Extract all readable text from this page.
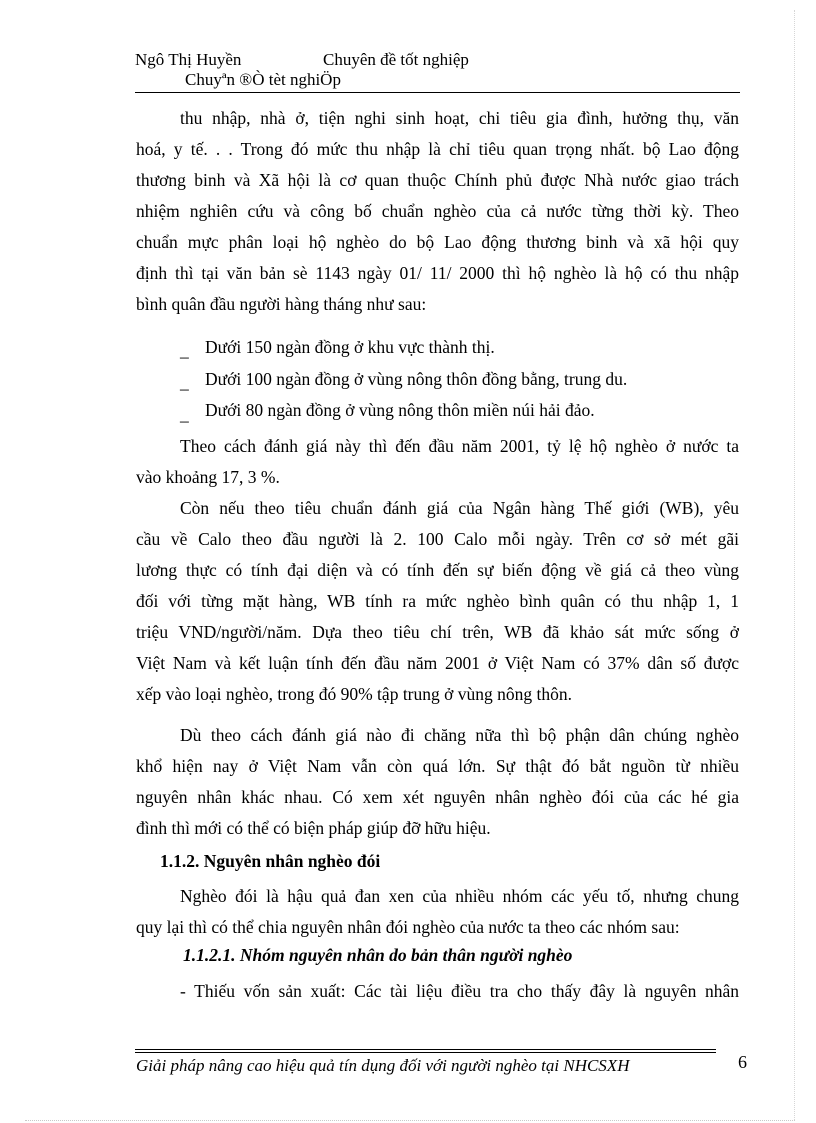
Ngô Thị Huyền	Chuyên đề tốt nghiệp
Chuyªn ®Ò tèt nghiÖp
thu nhập, nhà ở, tiện nghi sinh hoạt, chi tiêu gia đình, hưởng thụ, văn
hoá, y tế. . . Trong đó mức thu nhập là chỉ tiêu quan trọng nhất. bộ Lao động
thương binh và Xã hội là cơ quan thuộc Chính phủ được Nhà nước giao trách
nhiệm nghiên cứu và công bố chuẩn nghèo của cả nước từng thời kỳ. Theo
chuẩn mực phân loại hộ nghèo do bộ Lao động thương binh và xã hội quy
định thì tại văn bản sè 1143 ngày 01/ 11/ 2000 thì hộ nghèo là hộ có thu nhập
bình quân đầu người hàng tháng như sau:
_ Dưới 150 ngàn đồng ở khu vực thành thị.
_ Dưới 100 ngàn đồng ở vùng nông thôn đồng bằng, trung du.
_ Dưới 80 ngàn đồng ở vùng nông thôn miền núi hải đảo.
Theo cách đánh giá này thì đến đầu năm 2001, tỷ lệ hộ nghèo ở nước ta
vào khoảng 17, 3 %.
Còn nếu theo tiêu chuẩn đánh giá của Ngân hàng Thế giới (WB), yêu
cầu về Calo theo đầu người là 2. 100 Calo mỗi ngày. Trên cơ sở mét gãi
lương thực có tính đại diện và có tính đến sự biến động về giá cả theo vùng
đối với từng mặt hàng, WB tính ra mức nghèo bình quân có thu nhập 1, 1
triệu VND/người/năm. Dựa theo tiêu chí trên, WB đã khảo sát mức sống ở
Việt Nam và kết luận tính đến đầu năm 2001 ở Việt Nam có 37% dân số được
xếp vào loại nghèo, trong đó 90% tập trung ở vùng nông thôn.
Dù theo cách đánh giá nào đi chăng nữa thì bộ phận dân chúng nghèo
khổ hiện nay ở Việt Nam vẫn còn quá lớn. Sự thật đó bắt nguồn từ nhiều
nguyên nhân khác nhau. Có xem xét nguyên nhân nghèo đói của các hé gia
đình thì mới có thể có biện pháp giúp đỡ hữu hiệu.
1.1.2. Nguyên nhân nghèo đói
Nghèo đói là hậu quả đan xen của nhiều nhóm các yếu tố, nhưng chung
quy lại thì có thể chia nguyên nhân đói nghèo của nước ta theo các nhóm sau:
1.1.2.1. Nhóm nguyên nhân do bản thân người nghèo
- Thiếu vốn sản xuất: Các tài liệu điều tra cho thấy đây là nguyên nhân
Giải pháp nâng cao hiệu quả tín dụng đối với người nghèo tại NHCSXH	6
